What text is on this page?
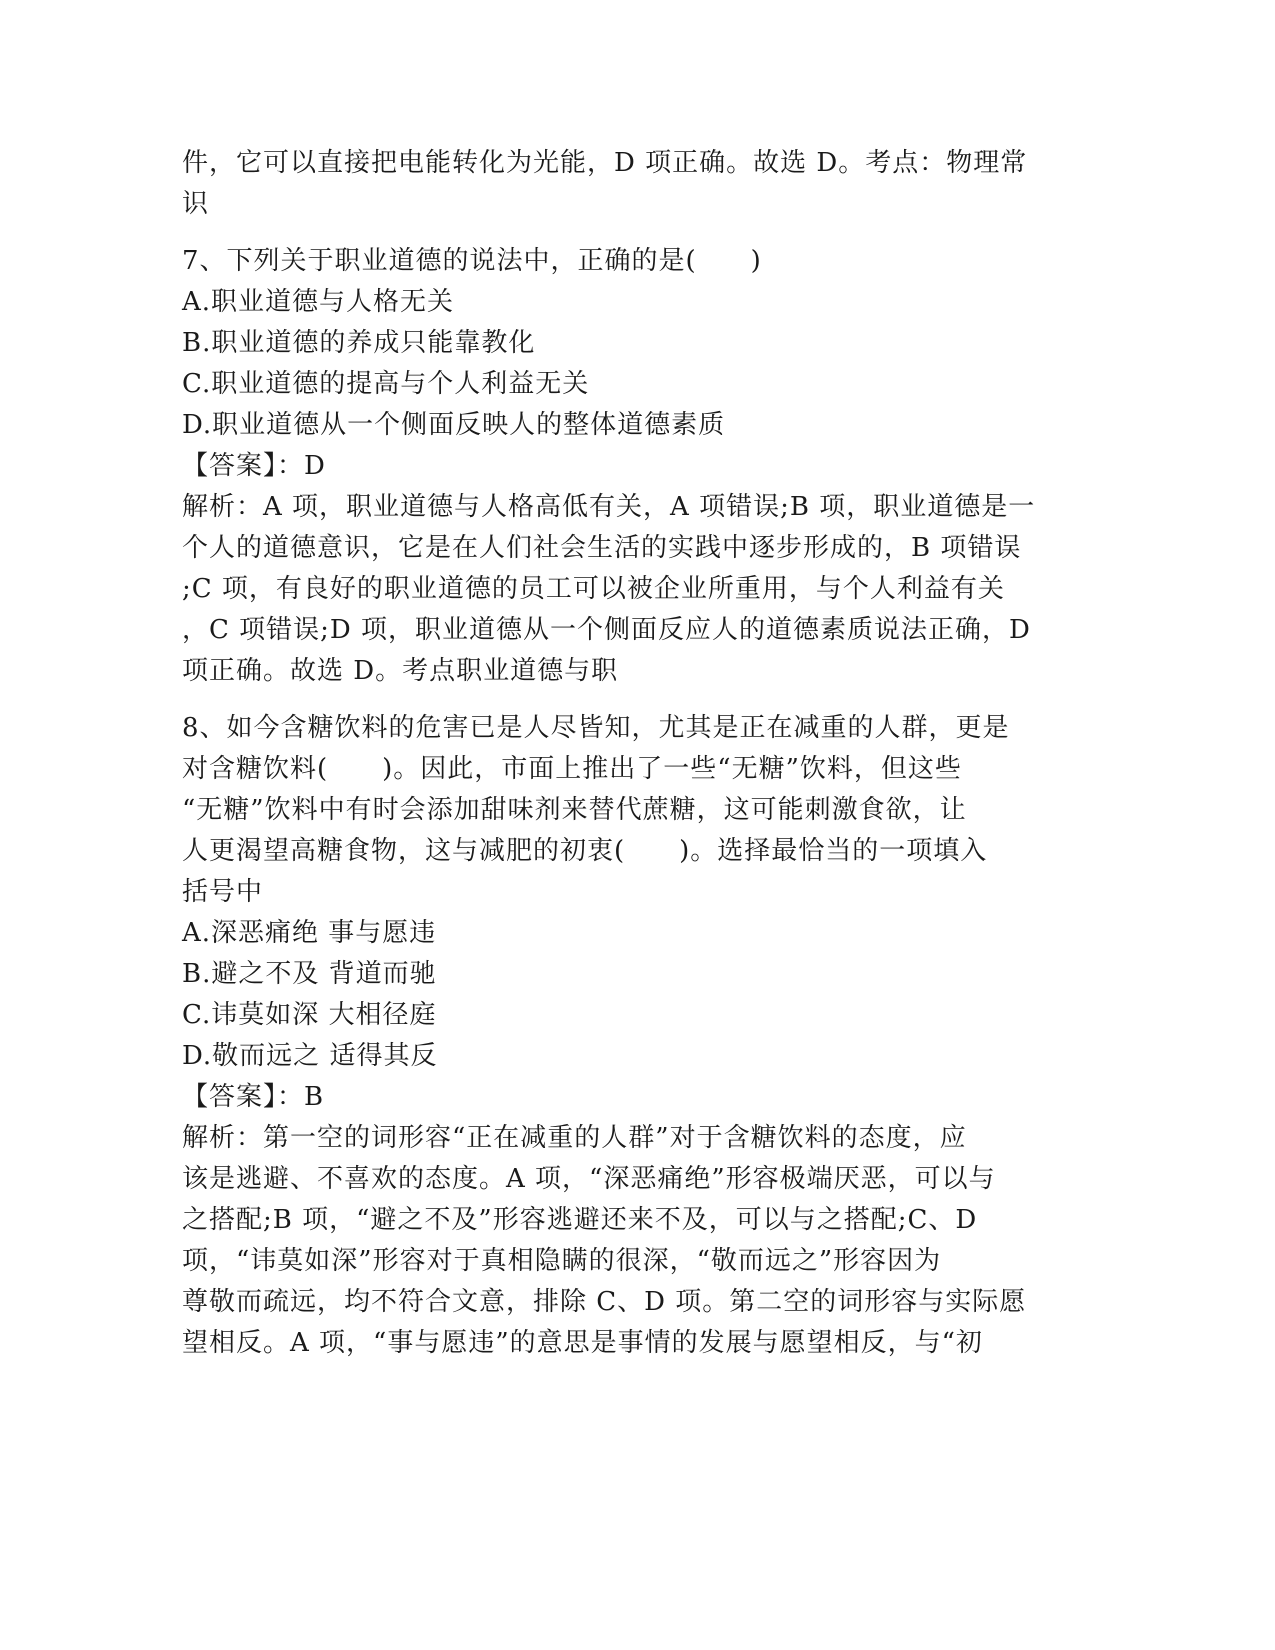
件，它可以直接把电能转化为光能，D 项正确。故选 D。考点：物理常
识
7、下列关于职业道德的说法中，正确的是(　　)
A.职业道德与人格无关
B.职业道德的养成只能靠教化
C.职业道德的提高与个人利益无关
D.职业道德从一个侧面反映人的整体道德素质
【答案】：D
解析：A 项，职业道德与人格高低有关，A 项错误;B 项，职业道德是一
个人的道德意识，它是在人们社会生活的实践中逐步形成的，B 项错误
;C 项，有良好的职业道德的员工可以被企业所重用，与个人利益有关
，C 项错误;D 项，职业道德从一个侧面反应人的道德素质说法正确，D
项正确。故选 D。考点职业道德与职
8、如今含糖饮料的危害已是人尽皆知，尤其是正在减重的人群，更是
对含糖饮料(　　)。因此，市面上推出了一些“无糖”饮料，但这些
“无糖”饮料中有时会添加甜味剂来替代蔗糖，这可能刺激食欲，让
人更渴望高糖食物，这与减肥的初衷(　　)。选择最恰当的一项填入
括号中
A.深恶痛绝 事与愿违
B.避之不及 背道而驰
C.讳莫如深 大相径庭
D.敬而远之 适得其反
【答案】：B
解析：第一空的词形容“正在减重的人群”对于含糖饮料的态度，应
该是逃避、不喜欢的态度。A 项，“深恶痛绝”形容极端厌恶，可以与
之搭配;B 项，“避之不及”形容逃避还来不及，可以与之搭配;C、D
项，“讳莫如深”形容对于真相隐瞒的很深，“敬而远之”形容因为
尊敬而疏远，均不符合文意，排除 C、D 项。第二空的词形容与实际愿
望相反。A 项，“事与愿违”的意思是事情的发展与愿望相反，与“初
